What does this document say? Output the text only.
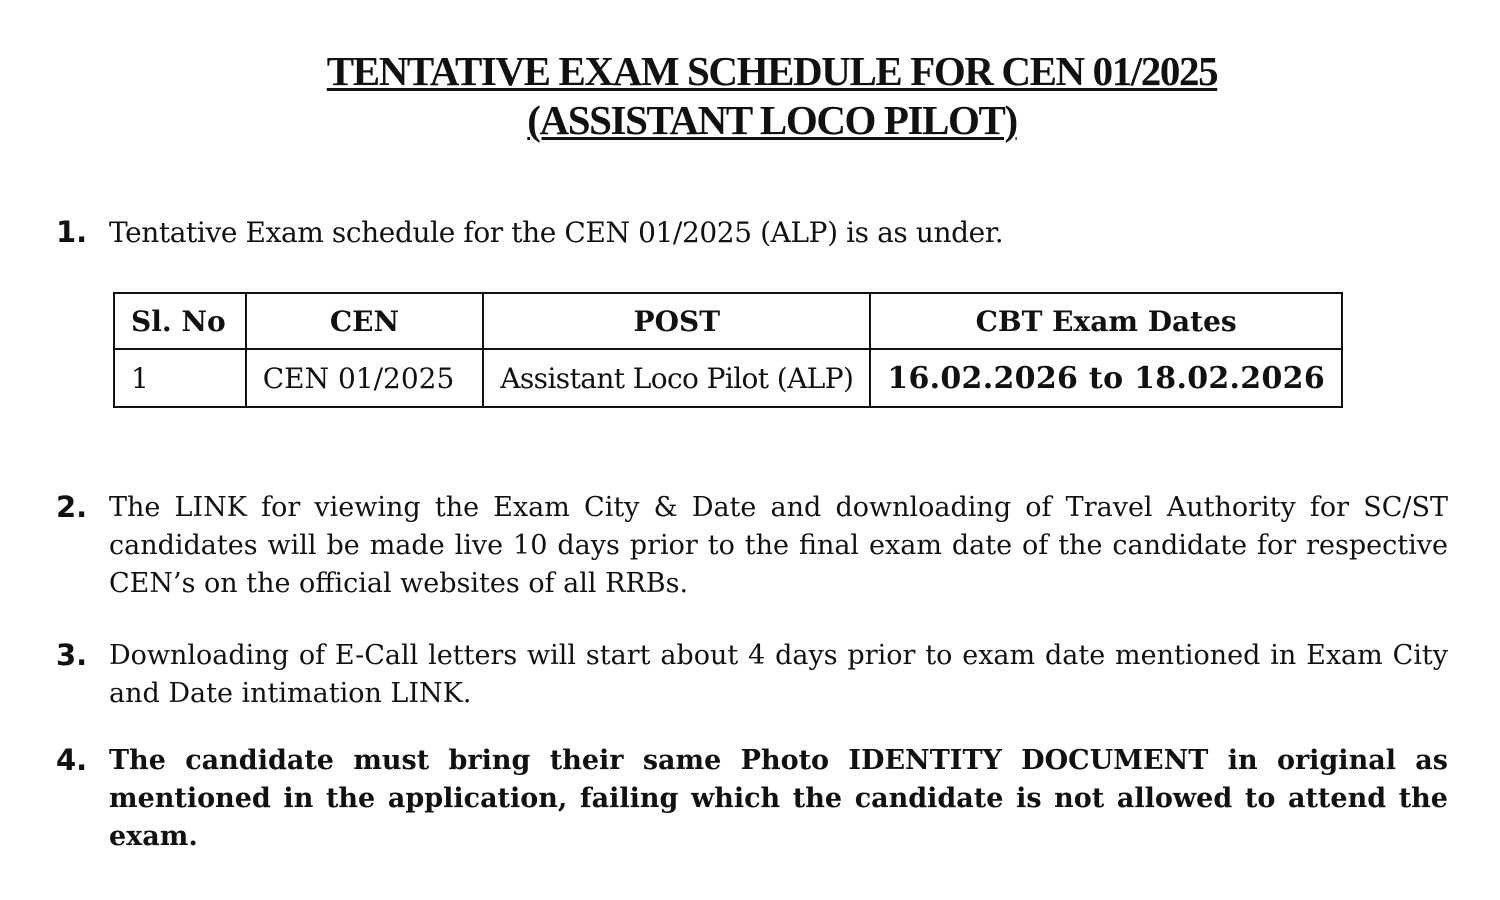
TENTATIVE EXAM SCHEDULE FOR CEN 01/2025
(ASSISTANT LOCO PILOT)
1. Tentative Exam schedule for the CEN 01/2025 (ALP) is as under.
Sl. No	CEN	POST	CBT Exam Dates
1	CEN 01/2025	Assistant Loco Pilot (ALP)	16.02.2026 to 18.02.2026
2. The LINK for viewing the Exam City & Date and downloading of Travel Authority for SC/ST candidates will be made live 10 days prior to the final exam date of the candidate for respective CEN’s on the official websites of all RRBs.
3. Downloading of E-Call letters will start about 4 days prior to exam date mentioned in Exam City and Date intimation LINK.
4. The candidate must bring their same Photo IDENTITY DOCUMENT in original as mentioned in the application, failing which the candidate is not allowed to attend the exam.
